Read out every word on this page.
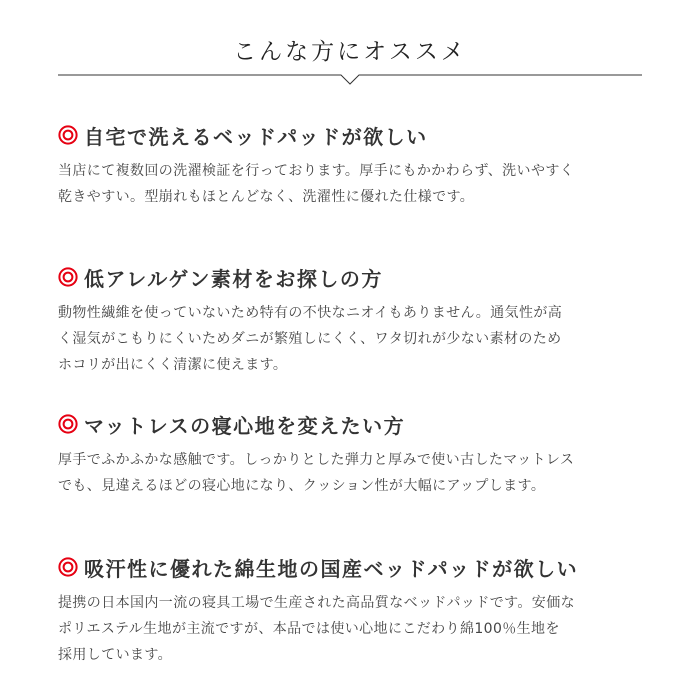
こんな方にオススメ
自宅で洗えるベッドパッドが欲しい

当店にて複数回の洗濯検証を行っております。厚手にもかかわらず、洗いやすく

乾きやすい。型崩れもほとんどなく、洗濯性に優れた仕様です。

低アレルゲン素材をお探しの方

動物性繊維を使っていないため特有の不快なニオイもありません。通気性が高

く湿気がこもりにくいためダニが繁殖しにくく、ワタ切れが少ない素材のため

ホコリが出にくく清潔に使えます。

マットレスの寝心地を変えたい方

厚手でふかふかな感触です。しっかりとした弾力と厚みで使い古したマットレス

でも、見違えるほどの寝心地になり、クッション性が大幅にアップします。

吸汗性に優れた綿生地の国産ベッドパッドが欲しい

提携の日本国内一流の寝具工場で生産された高品質なベッドパッドです。安価な

ポリエステル生地が主流ですが、本品では使い心地にこだわり綿100％生地を

採用しています。
